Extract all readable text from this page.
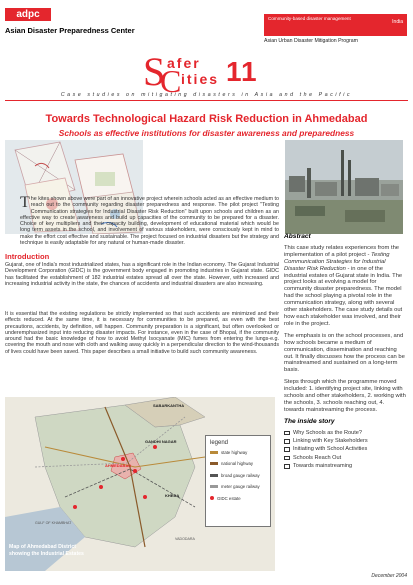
adpc
Asian Disaster Preparedness Center
Community-based disaster management
India
Asian Urban Disaster Mitigation Program
S afer
C ities 11
Case studies on mitigating disasters in Asia and the Pacific
Towards Technological Hazard Risk Reduction in Ahmedabad
Schools as effective institutions for disaster awareness and preparedness
The kites shown above were part of an innovative project wherein schools acted as an effective medium to reach out to the community regarding disaster preparedness and response. The pilot project "Testing Communication strategies for Industrial Disaster Risk Reduction" built upon schools and children as an effective way to create awareness and build up capacities of the community to be prepared for a disaster. Choice of key multipliers and their capacity building, development of educational material which would be long term assets in the school, and involvement of various stakeholders, were consciously kept in mind to make the effort cost effective and sustainable. The project focused on industrial disasters but the strategy and technique is easily adaptable for any natural or human-made disaster.
Introduction
Gujarat, one of India's most industrialized states, has a significant role in the Indian economy. The Gujarat Industrial Development Corporation (GIDC) is the government body engaged in promoting industries in Gujarat state. GIDC has facilitated the establishment of 182 industrial estates spread all over the state. However, with increased and increasing industrial activity in the state, the chances of accidents and industrial disasters are also increasing.
It is essential that the existing regulations be strictly implemented so that such accidents are minimized and their effects reduced. At the same time, it is necessary for communities to be prepared, as even with the best precautions, accidents, by definition, will happen. Community preparation is a significant, but often overlooked or underemphasized input into reducing disaster impacts. For instance, even in the case of Bhopal, if the community around had the basic knowledge of how to avoid Methyl Isocyanate (MIC) fumes from entering the lungs-e.g. covering the mouth and nose with cloth and walking away quickly in a perpendicular direction to the wind-thousands of lives could have been saved. This paper describes a small initiative to build such community awareness.
Abstract

This case study relates experiences from the implementation of a pilot project - Testing Communication Strategies for Industrial Disaster Risk Reduction - in one of the industrial estates of Gujarat state in India. The project looks at evolving a model for community disaster preparedness. The model had the school playing a pivotal role in the communication strategy, along with several other stakeholders. The case study details out how each stakeholder was involved, and their role in the project.

The emphasis is on the school processes, and how schools became a medium of communication, dissemination and reaching out. It finally discusses how the process can be mainstreamed and sustained on a long-term basis.

Steps through which the programme moved included: 1. identifying project site, linking with schools and other stakeholders, 2. working with the schools, 3. schools reaching out, 4. towards mainstreaming the process.

The inside story
Why Schools as the Route?
Linking with Key Stakeholders
Initiating with School Activities
Schools Reach Out
Towards mainstreaming
SABARKANTHA
GANDHI NAGAR
AHMEDABAD
KHEDA
GULF OF KHAMBHAT
VADODARA
legend
state highway
national highway
broad gauge railway
meter gauge railway
GIDC estate
Map of Ahmedabad District
showing the Industrial Estates
December 2004
